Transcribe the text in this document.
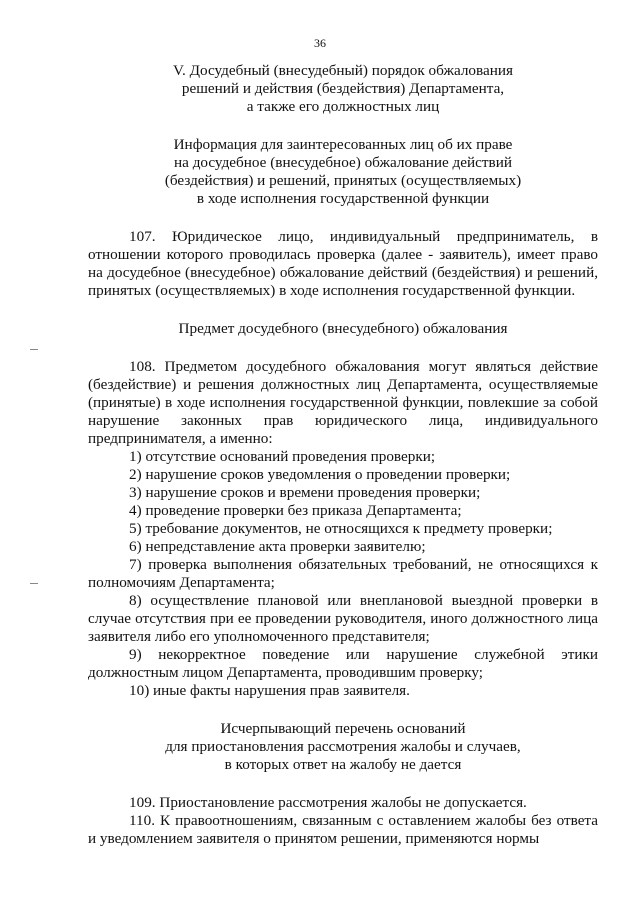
36
V. Досудебный (внесудебный) порядок обжалования
решений и действия (бездействия) Департамента,
а также его должностных лиц
Информация для заинтересованных лиц об их праве
на досудебное (внесудебное) обжалование действий
(бездействия) и решений, принятых (осуществляемых)
в ходе исполнения государственной функции

107. Юридическое лицо, индивидуальный предприниматель, в отношении которого проводилась проверка (далее - заявитель), имеет право на досудебное (внесудебное) обжалование действий (бездействия) и решений, принятых (осуществляемых) в ходе исполнения государственной функции.

Предмет досудебного (внесудебного) обжалования

108. Предметом досудебного обжалования могут являться действие (бездействие) и решения должностных лиц Департамента, осуществляемые (принятые) в ходе исполнения государственной функции, повлекшие за собой нарушение законных прав юридического лица, индивидуального предпринимателя, а именно:

1) отсутствие оснований проведения проверки;

2) нарушение сроков уведомления о проведении проверки;

3) нарушение сроков и времени проведения проверки;

4) проведение проверки без приказа Департамента;

5) требование документов, не относящихся к предмету проверки;

6) непредставление акта проверки заявителю;

7) проверка выполнения обязательных требований, не относящихся к полномочиям Департамента;

8) осуществление плановой или внеплановой выездной проверки в случае отсутствия при ее проведении руководителя, иного должностного лица заявителя либо его уполномоченного представителя;

9) некорректное поведение или нарушение служебной этики должностным лицом Департамента, проводившим проверку;

10) иные факты нарушения прав заявителя.

Исчерпывающий перечень оснований
для приостановления рассмотрения жалобы и случаев,
в которых ответ на жалобу не дается

109. Приостановление рассмотрения жалобы не допускается.

110. К правоотношениям, связанным с оставлением жалобы без ответа и уведомлением заявителя о принятом решении, применяются нормы
